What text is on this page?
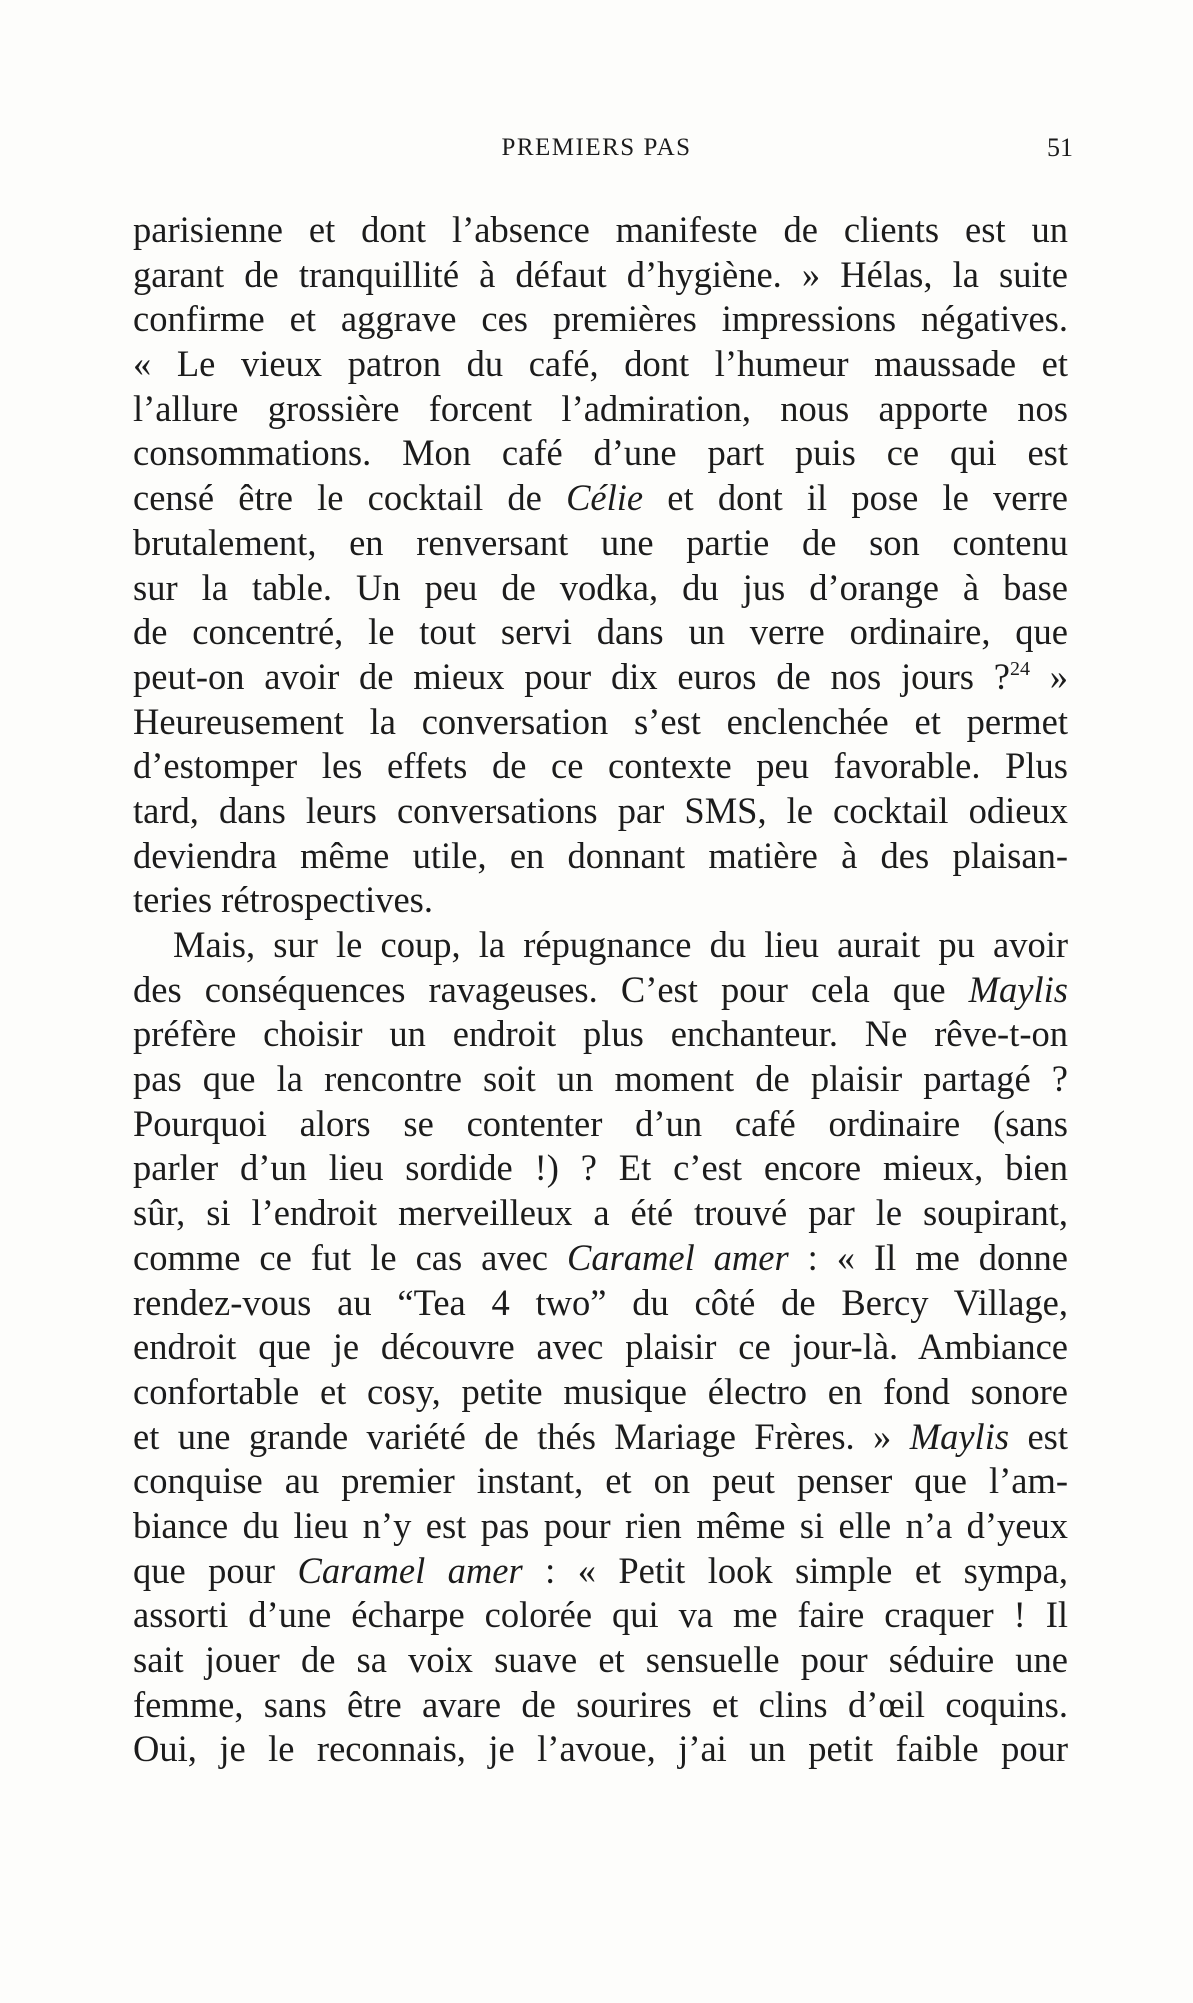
PREMIERS PAS	51
parisienne et dont l’absence manifeste de clients est un
garant de tranquillité à défaut d’hygiène. » Hélas, la suite
confirme et aggrave ces premières impressions négatives.
« Le vieux patron du café, dont l’humeur maussade et
l’allure grossière forcent l’admiration, nous apporte nos
consommations. Mon café d’une part puis ce qui est
censé être le cocktail de Célie et dont il pose le verre
brutalement, en renversant une partie de son contenu
sur la table. Un peu de vodka, du jus d’orange à base
de concentré, le tout servi dans un verre ordinaire, que
peut-on avoir de mieux pour dix euros de nos jours ?$^{24}$ »
Heureusement la conversation s’est enclenchée et permet
d’estomper les effets de ce contexte peu favorable. Plus
tard, dans leurs conversations par SMS, le cocktail odieux
deviendra même utile, en donnant matière à des plaisan-
teries rétrospectives.
Mais, sur le coup, la répugnance du lieu aurait pu avoir
des conséquences ravageuses. C’est pour cela que Maylis
préfère choisir un endroit plus enchanteur. Ne rêve-t-on
pas que la rencontre soit un moment de plaisir partagé ?
Pourquoi alors se contenter d’un café ordinaire (sans
parler d’un lieu sordide !) ? Et c’est encore mieux, bien
sûr, si l’endroit merveilleux a été trouvé par le soupirant,
comme ce fut le cas avec Caramel amer : « Il me donne
rendez-vous au “Tea 4 two” du côté de Bercy Village,
endroit que je découvre avec plaisir ce jour-là. Ambiance
confortable et cosy, petite musique électro en fond sonore
et une grande variété de thés Mariage Frères. » Maylis est
conquise au premier instant, et on peut penser que l’am-
biance du lieu n’y est pas pour rien même si elle n’a d’yeux
que pour Caramel amer : « Petit look simple et sympa,
assorti d’une écharpe colorée qui va me faire craquer ! Il
sait jouer de sa voix suave et sensuelle pour séduire une
femme, sans être avare de sourires et clins d’œil coquins.
Oui, je le reconnais, je l’avoue, j’ai un petit faible pour
